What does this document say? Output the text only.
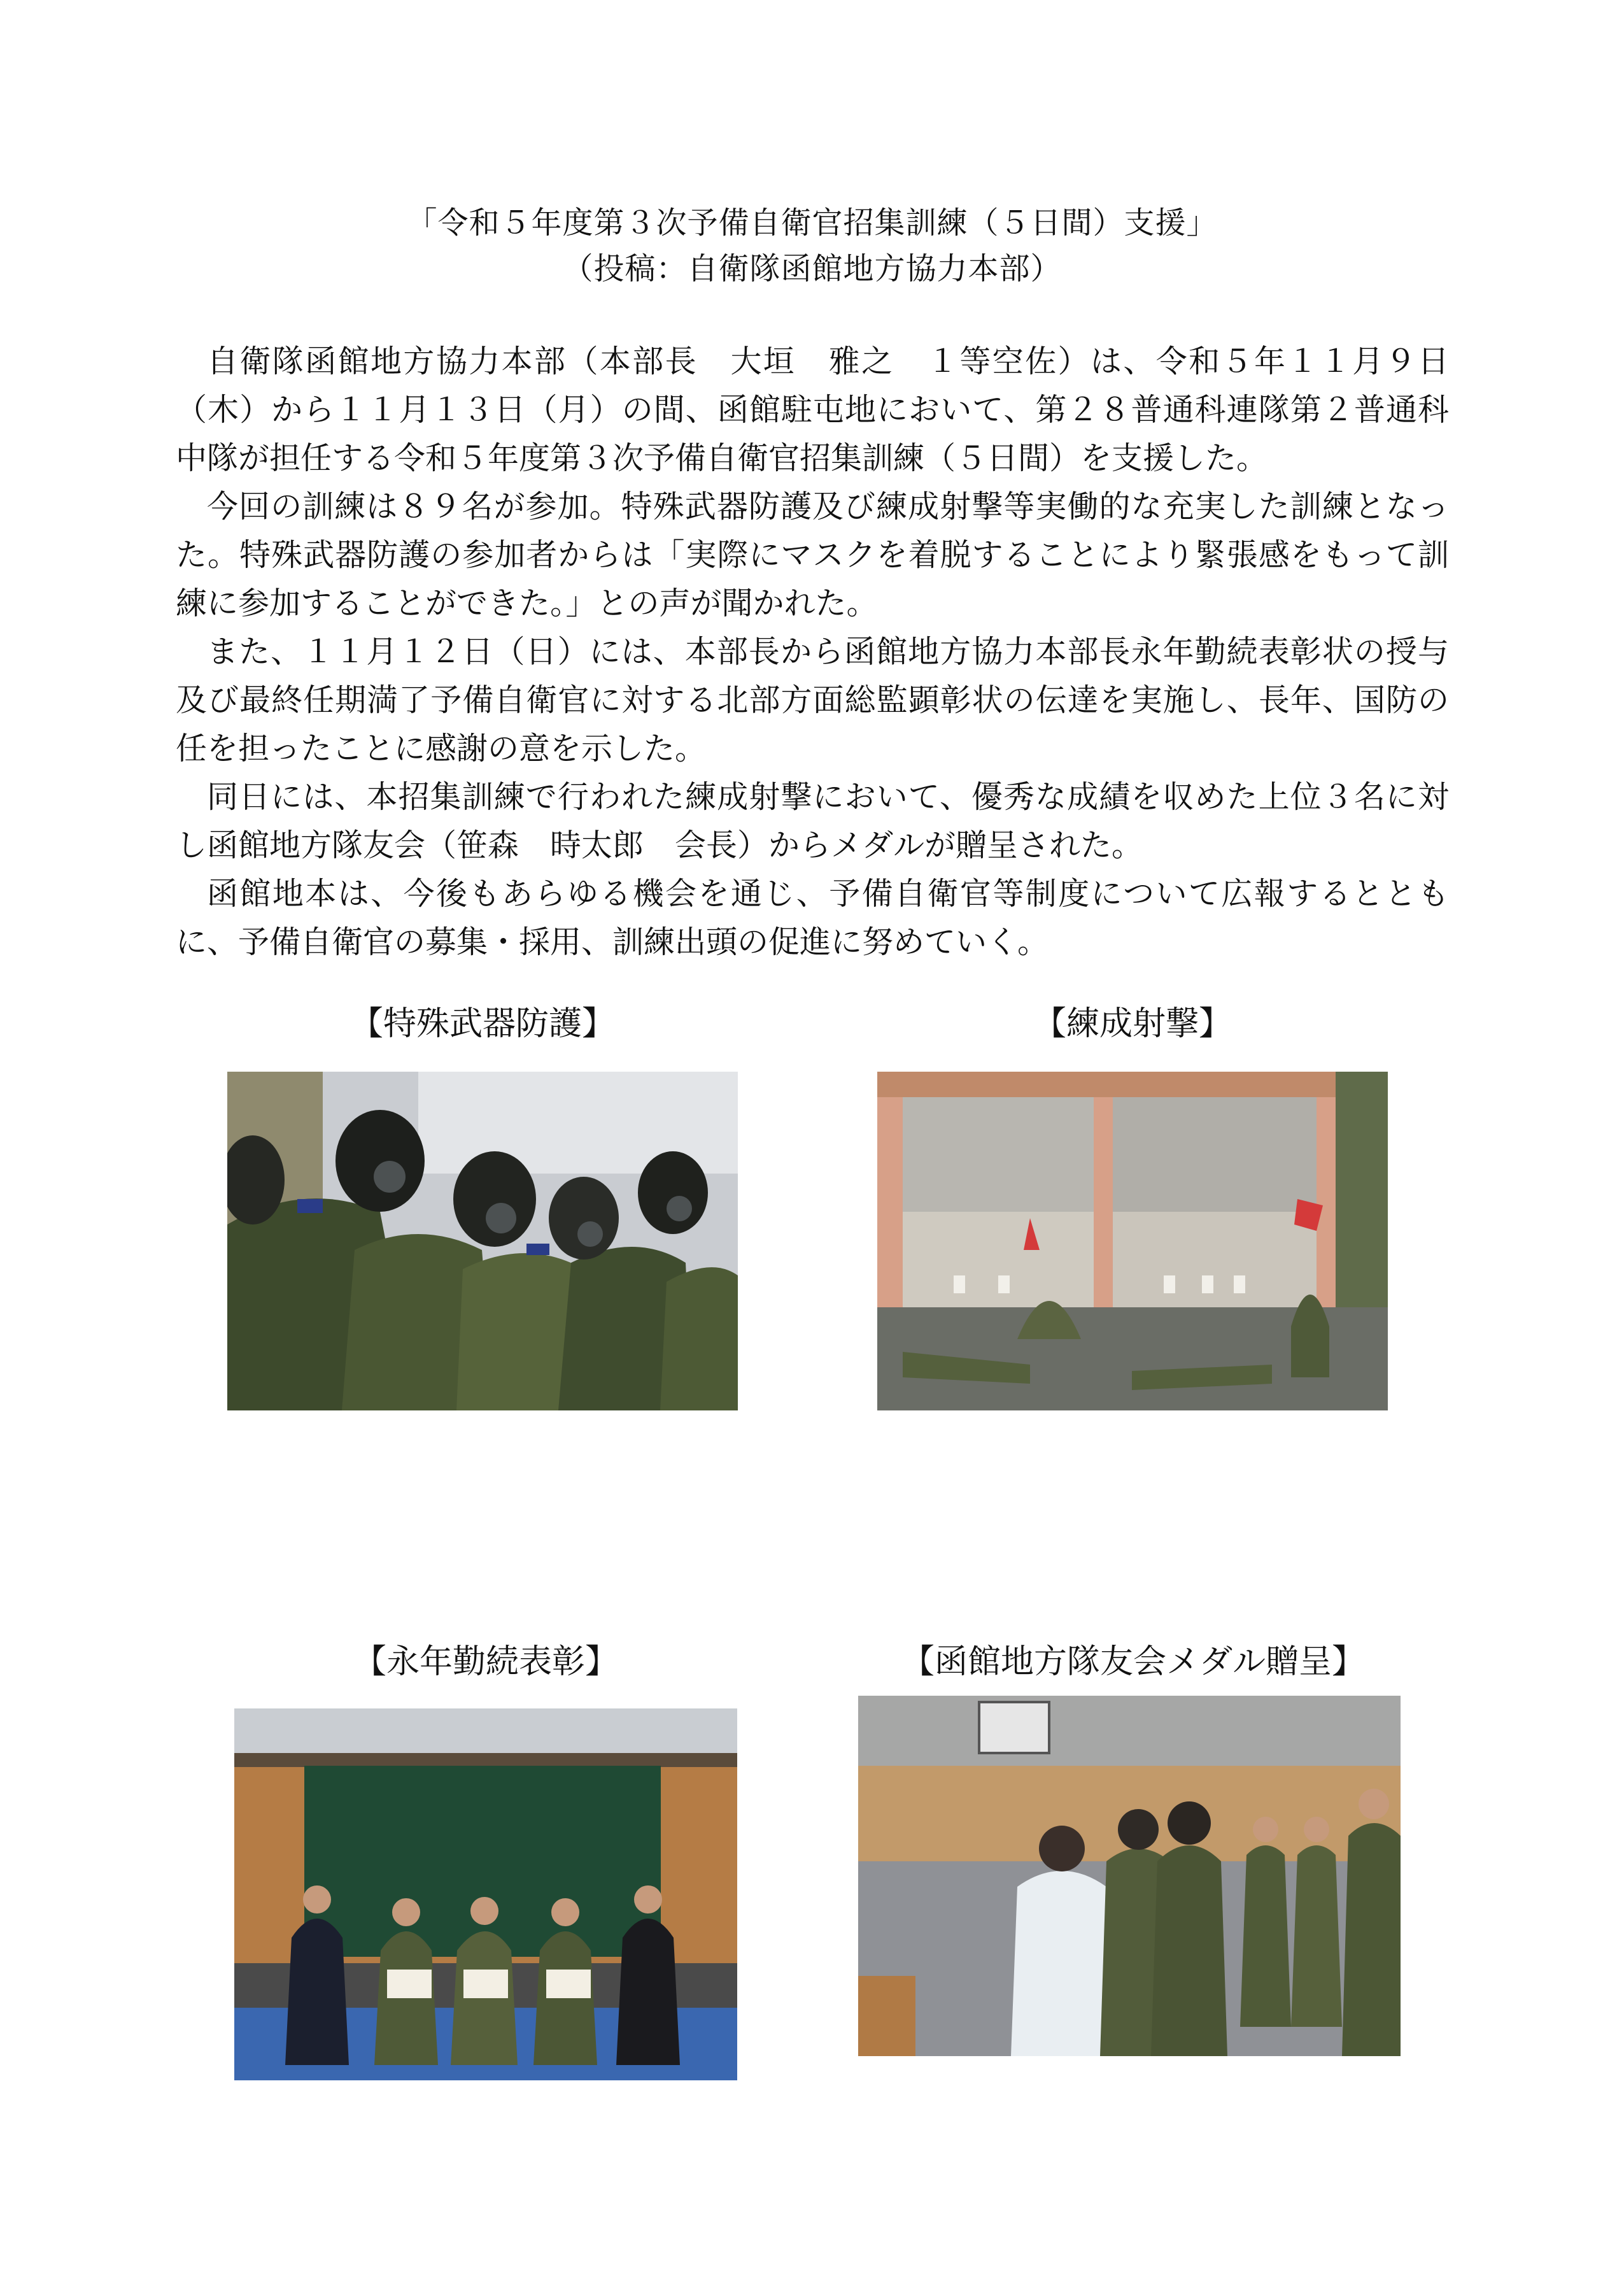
「令和５年度第３次予備自衛官招集訓練（５日間）支援」
（投稿：自衛隊函館地方協力本部）

自衛隊函館地方協力本部（本部長　大垣　雅之　１等空佐）は、令和５年１１月９日（木）から１１月１３日（月）の間、函館駐屯地において、第２８普通科連隊第２普通科中隊が担任する令和５年度第３次予備自衛官招集訓練（５日間）を支援した。

今回の訓練は８９名が参加。特殊武器防護及び練成射撃等実働的な充実した訓練となった。特殊武器防護の参加者からは「実際にマスクを着脱することにより緊張感をもって訓練に参加することができた。」との声が聞かれた。

また、１１月１２日（日）には、本部長から函館地方協力本部長永年勤続表彰状の授与及び最終任期満了予備自衛官に対する北部方面総監顕彰状の伝達を実施し、長年、国防の任を担ったことに感謝の意を示した。

同日には、本招集訓練で行われた練成射撃において、優秀な成績を収めた上位３名に対し函館地方隊友会（笹森　時太郎　会長）からメダルが贈呈された。

函館地本は、今後もあらゆる機会を通じ、予備自衛官等制度について広報するとともに、予備自衛官の募集・採用、訓練出頭の促進に努めていく。

【特殊武器防護】	【練成射撃】
【永年勤続表彰】	【函館地方隊友会メダル贈呈】
